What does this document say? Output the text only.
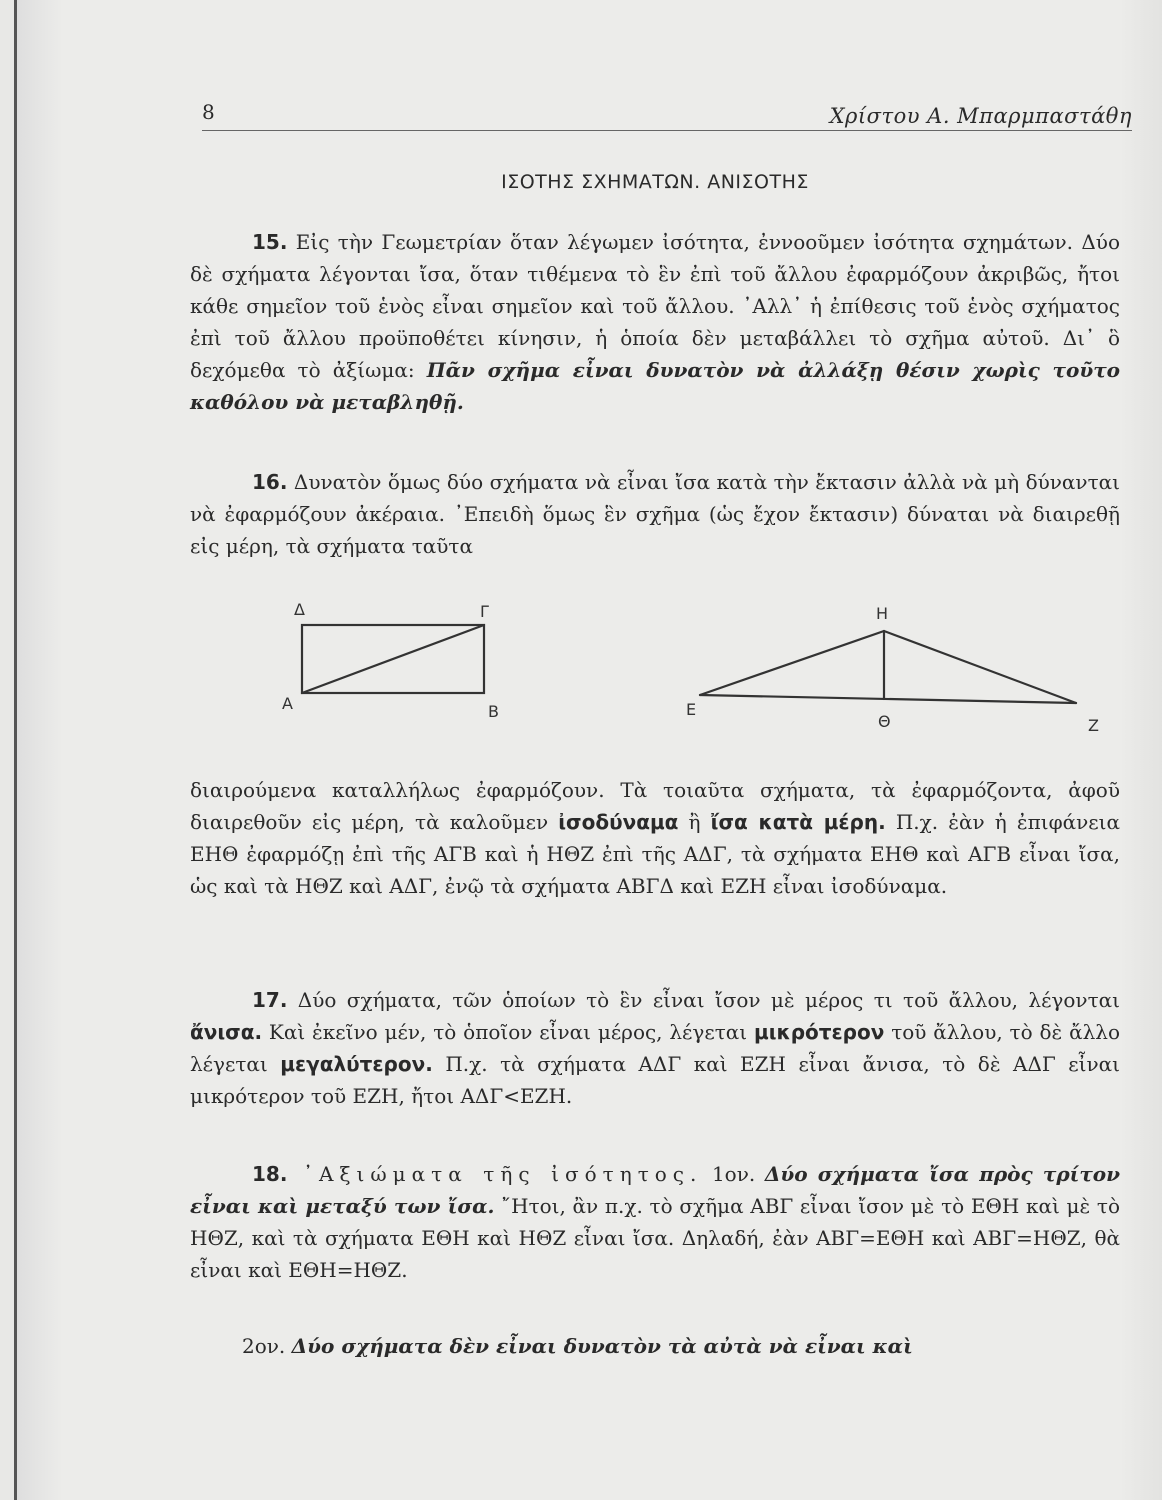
8	Χρίστου Α. Μπαρμπαστάθη
ΙΣΟΤΗΣ ΣΧΗΜΑΤΩΝ. ΑΝΙΣΟΤΗΣ
15. Εἰς τὴν Γεωμετρίαν ὅταν λέγωμεν ἰσότητα, ἐννοοῦμεν ἰσότητα σχημάτων. Δύο δὲ σχήματα λέγονται ἴσα, ὅταν τιθέμενα τὸ ἓν ἐπὶ τοῦ ἄλλου ἐφαρμόζουν ἀκριβῶς, ἤτοι κάθε σημεῖον τοῦ ἑνὸς εἶναι σημεῖον καὶ τοῦ ἄλλου. ᾿Αλλ᾿ ἡ ἐπίθεσις τοῦ ἑνὸς σχήματος ἐπὶ τοῦ ἄλλου προϋποθέτει κίνησιν, ἡ ὁποία δὲν μεταβάλλει τὸ σχῆμα αὐτοῦ. Δι᾿ ὃ δεχόμεθα τὸ ἀξίωμα: Πᾶν σχῆμα εἶναι δυνατὸν νὰ ἀλλάξῃ θέσιν χωρὶς τοῦτο καθόλου νὰ μεταβληθῇ.
16. Δυνατὸν ὅμως δύο σχήματα νὰ εἶναι ἴσα κατὰ τὴν ἔκτασιν ἀλλὰ νὰ μὴ δύνανται νὰ ἐφαρμόζουν ἀκέραια. ᾿Επειδὴ ὅμως ἓν σχῆμα (ὡς ἔχον ἔκτασιν) δύναται νὰ διαιρεθῇ εἰς μέρη, τὰ σχήματα ταῦτα
Δ	Γ
Α	Β
Η
Ε
Θ	Ζ
διαιρούμενα καταλλήλως ἐφαρμόζουν. Τὰ τοιαῦτα σχήματα, τὰ ἐφαρμόζοντα, ἀφοῦ διαιρεθοῦν εἰς μέρη, τὰ καλοῦμεν ἰσοδύναμα ἢ ἴσα κατὰ μέρη. Π.χ. ἐὰν ἡ ἐπιφάνεια ΕΗΘ ἐφαρμόζῃ ἐπὶ τῆς ΑΓΒ καὶ ἡ ΗΘΖ ἐπὶ τῆς ΑΔΓ, τὰ σχήματα ΕΗΘ καὶ ΑΓΒ εἶναι ἴσα, ὡς καὶ τὰ ΗΘΖ καὶ ΑΔΓ, ἐνῷ τὰ σχήματα ΑΒΓΔ καὶ ΕΖΗ εἶναι ἰσοδύναμα.
17. Δύο σχήματα, τῶν ὁποίων τὸ ἓν εἶναι ἴσον μὲ μέρος τι τοῦ ἄλλου, λέγονται ἄνισα. Καὶ ἐκεῖνο μέν, τὸ ὁποῖον εἶναι μέρος, λέγεται μικρότερον τοῦ ἄλλου, τὸ δὲ ἄλλο λέγεται μεγαλύτερον. Π.χ. τὰ σχήματα ΑΔΓ καὶ ΕΖΗ εἶναι ἄνισα, τὸ δὲ ΑΔΓ εἶναι μικρότερον τοῦ ΕΖΗ, ἤτοι ΑΔΓ<ΕΖΗ.
18. ᾿Αξιώματα τῆς ἰσότητος. 1ον. Δύο σχήματα ἴσα πρὸς τρίτον εἶναι καὶ μεταξύ των ἴσα. ῎Ητοι, ἂν π.χ. τὸ σχῆμα ΑΒΓ εἶναι ἴσον μὲ τὸ ΕΘΗ καὶ μὲ τὸ ΗΘΖ, καὶ τὰ σχήματα ΕΘΗ καὶ ΗΘΖ εἶναι ἴσα. Δηλαδή, ἐὰν ΑΒΓ=ΕΘΗ καὶ ΑΒΓ=ΗΘΖ, θὰ εἶναι καὶ ΕΘΗ=ΗΘΖ.
2ον. Δύο σχήματα δὲν εἶναι δυνατὸν τὰ αὐτὰ νὰ εἶναι καὶ
